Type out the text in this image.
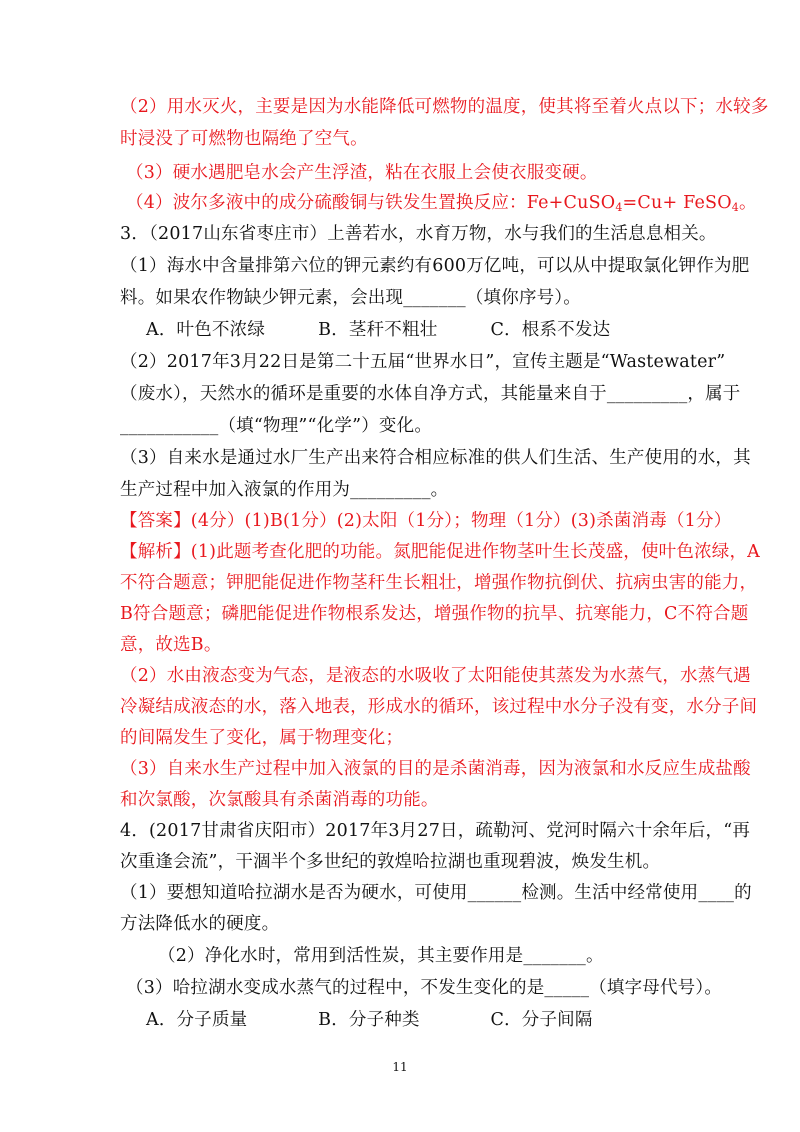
（2）用水灭火，主要是因为水能降低可燃物的温度，使其将至着火点以下；水较多
时浸没了可燃物也隔绝了空气。
（3）硬水遇肥皂水会产生浮渣，粘在衣服上会使衣服变硬。
（4）波尔多液中的成分硫酸铜与铁发生置换反应：Fe+CuSO$_4$=Cu+ FeSO$_4$。
3．（2017山东省枣庄市）上善若水，水育万物，水与我们的生活息息相关。
（1）海水中含量排第六位的钾元素约有600万亿吨，可以从中提取氯化钾作为肥
料。如果农作物缺少钾元素，会出现_______（填你序号）。
A．叶色不浓绿　　　B．茎秆不粗壮　　　C．根系不发达
（2）2017年3月22日是第二十五届“世界水日”，宣传主题是“Wastewater”
（废水），天然水的循环是重要的水体自净方式，其能量来自于_________，属于
___________（填“物理”“化学”）变化。
（3）自来水是通过水厂生产出来符合相应标准的供人们生活、生产使用的水，其
生产过程中加入液氯的作用为_________。
【答案】(4分）(1)B(1分）(2)太阳（1分）；物理（1分）(3)杀菌消毒（1分）
【解析】(1)此题考查化肥的功能。氮肥能促进作物茎叶生长茂盛，使叶色浓绿，A
不符合题意；钾肥能促进作物茎秆生长粗壮，增强作物抗倒伏、抗病虫害的能力，
B符合题意；磷肥能促进作物根系发达，增强作物的抗旱、抗寒能力，C不符合题
意，故选B。
（2）水由液态变为气态，是液态的水吸收了太阳能使其蒸发为水蒸气，水蒸气遇
冷凝结成液态的水，落入地表，形成水的循环，该过程中水分子没有变，水分子间
的间隔发生了变化，属于物理变化；
（3）自来水生产过程中加入液氯的目的是杀菌消毒，因为液氯和水反应生成盐酸
和次氯酸，次氯酸具有杀菌消毒的功能。
4．(2017甘肃省庆阳市）2017年3月27日，疏勒河、党河时隔六十余年后，“再
次重逢会流”，干涸半个多世纪的敦煌哈拉湖也重现碧波，焕发生机。
（1）要想知道哈拉湖水是否为硬水，可使用______检测。生活中经常使用____的
方法降低水的硬度。
（2）净化水时，常用到活性炭，其主要作用是_______。
（3）哈拉湖水变成水蒸气的过程中，不发生变化的是_____（填字母代号）。
A．分子质量　　　　B．分子种类　　　　C．分子间隔
11
